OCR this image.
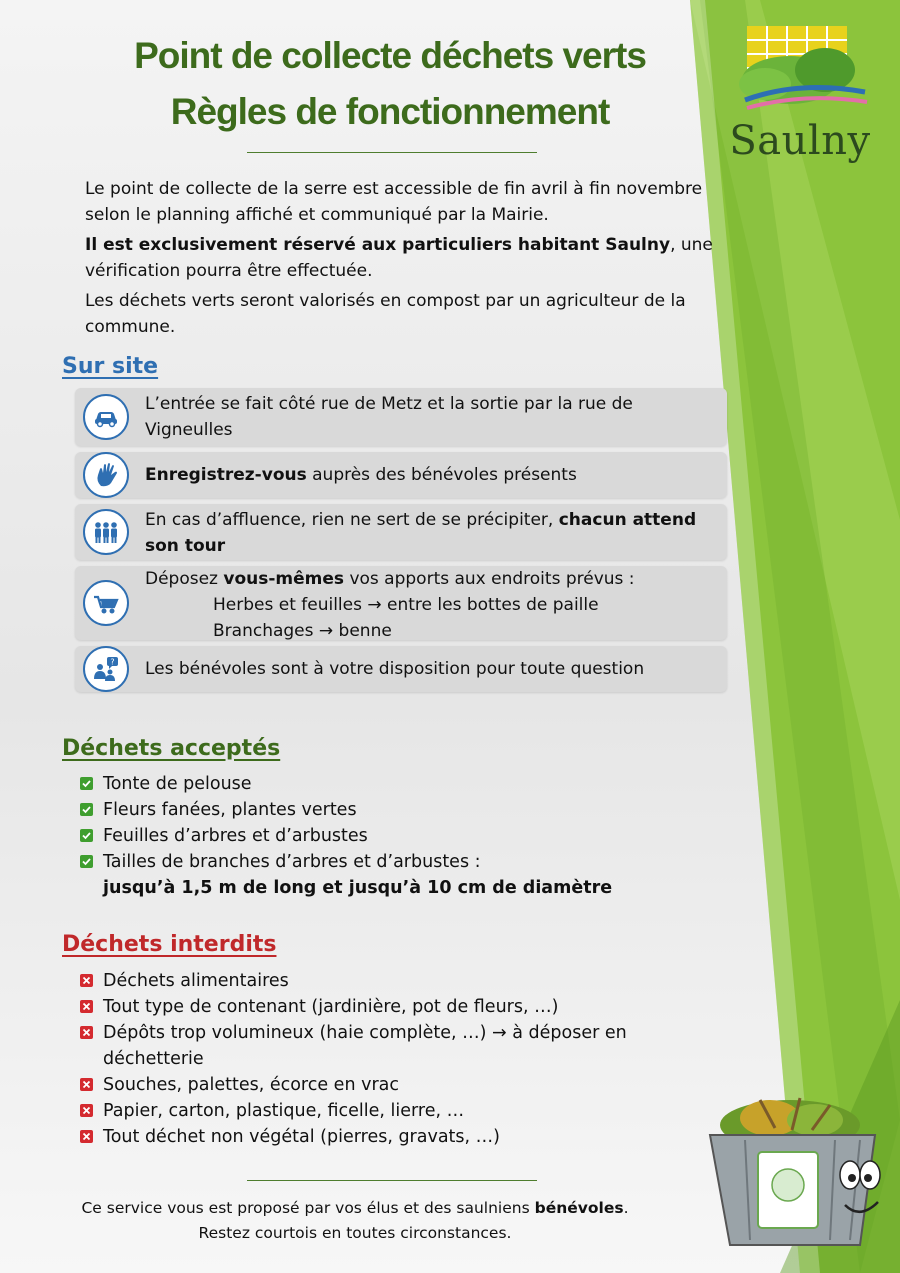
Point de collecte déchets verts
Règles de fonctionnement
Saulny

Le point de collecte de la serre est accessible de fin avril à fin novembre selon le planning affiché et communiqué par la Mairie.

Il est exclusivement réservé aux particuliers habitant Saulny, une vérification pourra être effectuée.

Les déchets verts seront valorisés en compost par un agriculteur de la commune.

Sur site
L’entrée se fait côté rue de Metz et la sortie par la rue de Vigneulles
Enregistrez-vous auprès des bénévoles présents
En cas d’affluence, rien ne sert de se précipiter, chacun attend son tour
Déposez vous-mêmes vos apports aux endroits prévus :
Herbes et feuilles → entre les bottes de paille
Branchages → benne
? Les bénévoles sont à votre disposition pour toute question
Déchets acceptés
Tonte de pelouse
Fleurs fanées, plantes vertes
Feuilles d’arbres et d’arbustes
Tailles de branches d’arbres et d’arbustes :
jusqu’à 1,5 m de long et jusqu’à 10 cm de diamètre
Déchets interdits
Déchets alimentaires
Tout type de contenant (jardinière, pot de fleurs, …)
Dépôts trop volumineux (haie complète, …) → à déposer en déchetterie
Souches, palettes, écorce en vrac
Papier, carton, plastique, ficelle, lierre, …
Tout déchet non végétal (pierres, gravats, …)

Ce service vous est proposé par vos élus et des saulniens bénévoles.

Restez courtois en toutes circonstances.
